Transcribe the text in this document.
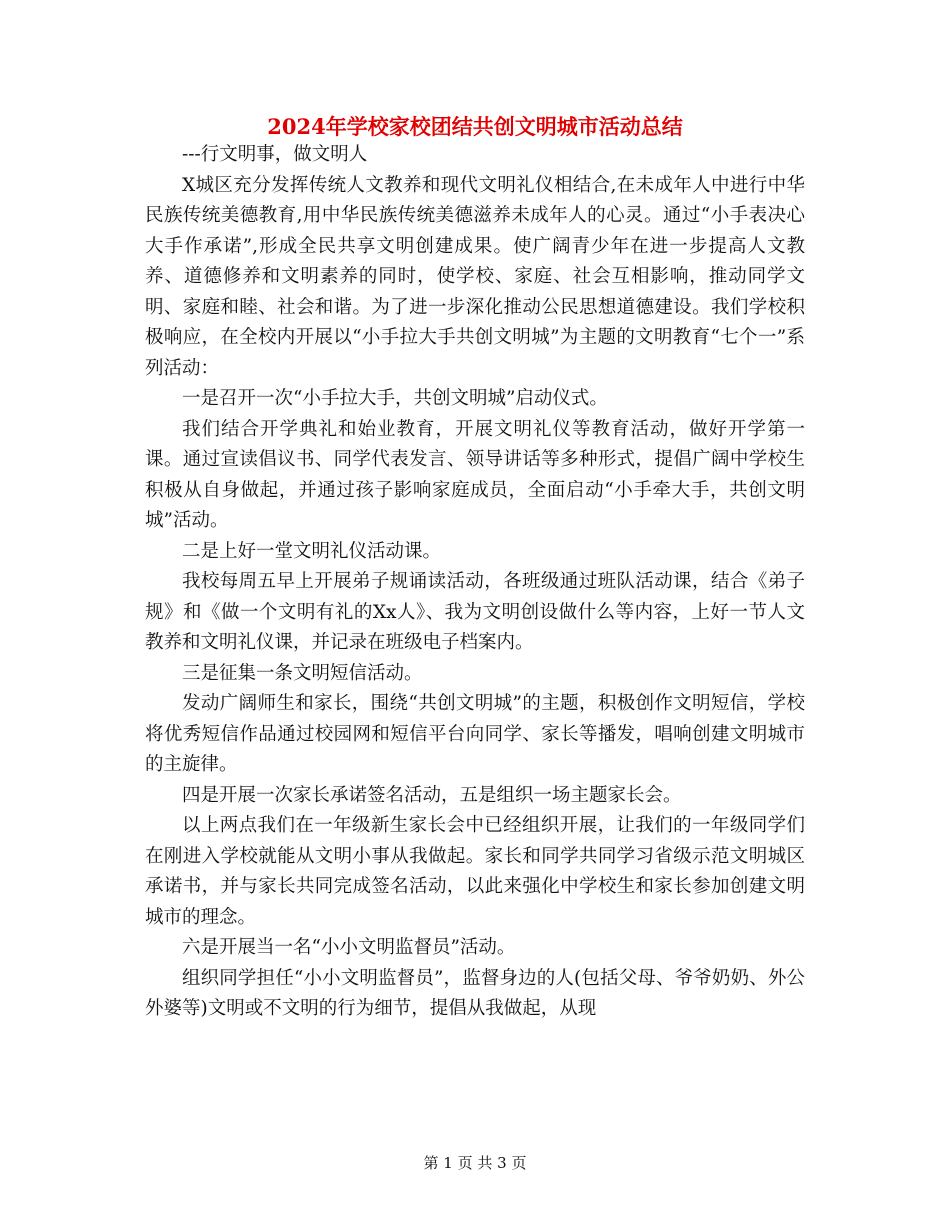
2024年学校家校团结共创文明城市活动总结

---行文明事，做文明人

X城区充分发挥传统人文教养和现代文明礼仪相结合,在未成年人中进行中华民族传统美德教育,用中华民族传统美德滋养未成年人的心灵。通过“小手表决心大手作承诺”,形成全民共享文明创建成果。使广阔青少年在进一步提高人文教养、道德修养和文明素养的同时，使学校、家庭、社会互相影响，推动同学文明、家庭和睦、社会和谐。为了进一步深化推动公民思想道德建设。我们学校积极响应，在全校内开展以“小手拉大手共创文明城”为主题的文明教育“七个一”系列活动：

一是召开一次“小手拉大手，共创文明城”启动仪式。

我们结合开学典礼和始业教育，开展文明礼仪等教育活动，做好开学第一课。通过宣读倡议书、同学代表发言、领导讲话等多种形式，提倡广阔中学校生积极从自身做起，并通过孩子影响家庭成员，全面启动“小手牵大手，共创文明城”活动。

二是上好一堂文明礼仪活动课。

我校每周五早上开展弟子规诵读活动，各班级通过班队活动课，结合《弟子规》和《做一个文明有礼的Xx人》、我为文明创设做什么等内容，上好一节人文教养和文明礼仪课，并记录在班级电子档案内。

三是征集一条文明短信活动。

发动广阔师生和家长，围绕“共创文明城”的主题，积极创作文明短信，学校将优秀短信作品通过校园网和短信平台向同学、家长等播发，唱响创建文明城市的主旋律。

四是开展一次家长承诺签名活动，五是组织一场主题家长会。

以上两点我们在一年级新生家长会中已经组织开展，让我们的一年级同学们在刚进入学校就能从文明小事从我做起。家长和同学共同学习省级示范文明城区承诺书，并与家长共同完成签名活动，以此来强化中学校生和家长参加创建文明城市的理念。

六是开展当一名“小小文明监督员”活动。

组织同学担任“小小文明监督员”，监督身边的人(包括父母、爷爷奶奶、外公外婆等)文明或不文明的行为细节，提倡从我做起，从现

第 1 页 共 3 页
